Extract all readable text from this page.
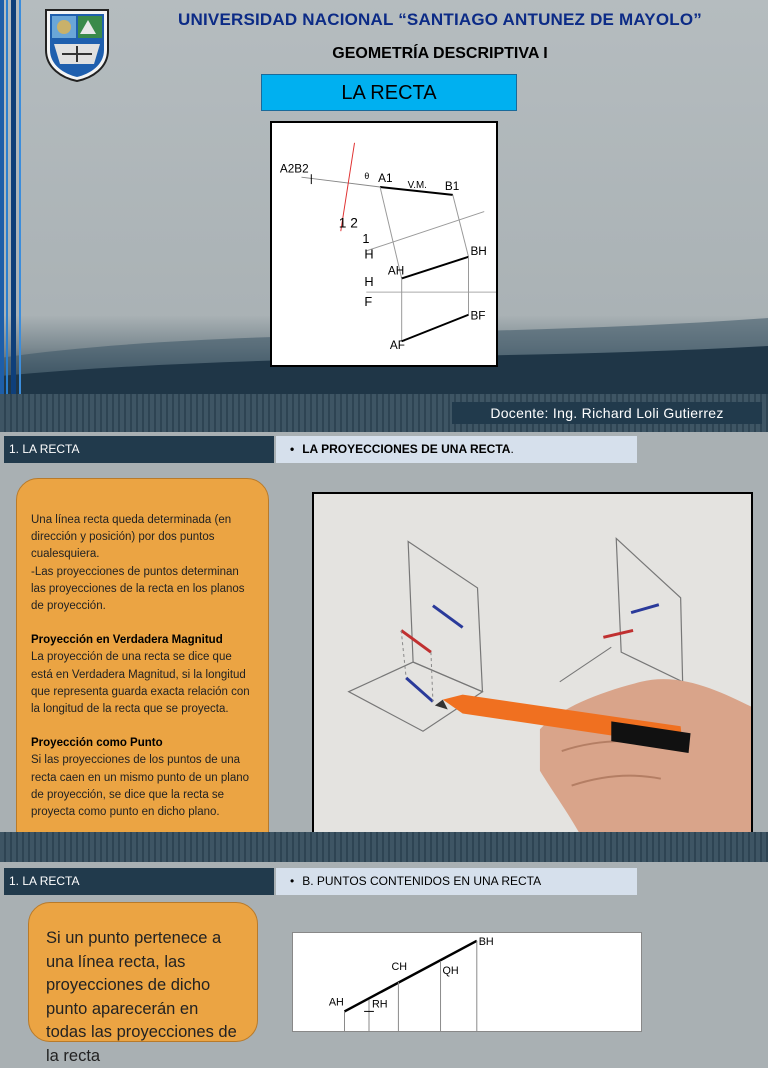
UNIVERSIDAD NACIONAL “SANTIAGO ANTUNEZ DE MAYOLO”
GEOMETRÍA DESCRIPTIVA I
LA RECTA
A2B2
θ A1
V.M. B1
1 2
1
H
AH
BH
H
F
BF
AF
Docente: Ing. Richard Loli Gutierrez
1. LA RECTA	• LA PROYECCIONES DE UNA RECTA.

Una línea recta queda determinada (en dirección y posición) por dos puntos cualesquiera.

-Las proyecciones de puntos determinan las proyecciones de la recta en los planos de proyección.

Proyección en Verdadera Magnitud

La proyección de una recta se dice que está en Verdadera Magnitud, si la longitud que representa guarda exacta relación con la longitud de la recta que se proyecta.

Proyección como Punto

Si las proyecciones de los puntos de una recta caen en un mismo punto de un plano de proyección, se dice que la recta se proyecta como punto en dicho plano.

1. LA RECTA	• B. PUNTOS CONTENIDOS EN UNA RECTA

Si un punto pertenece a una línea recta, las proyecciones de dicho punto aparecerán en todas las proyecciones de la recta

BH
CH	QH
AH	RH
